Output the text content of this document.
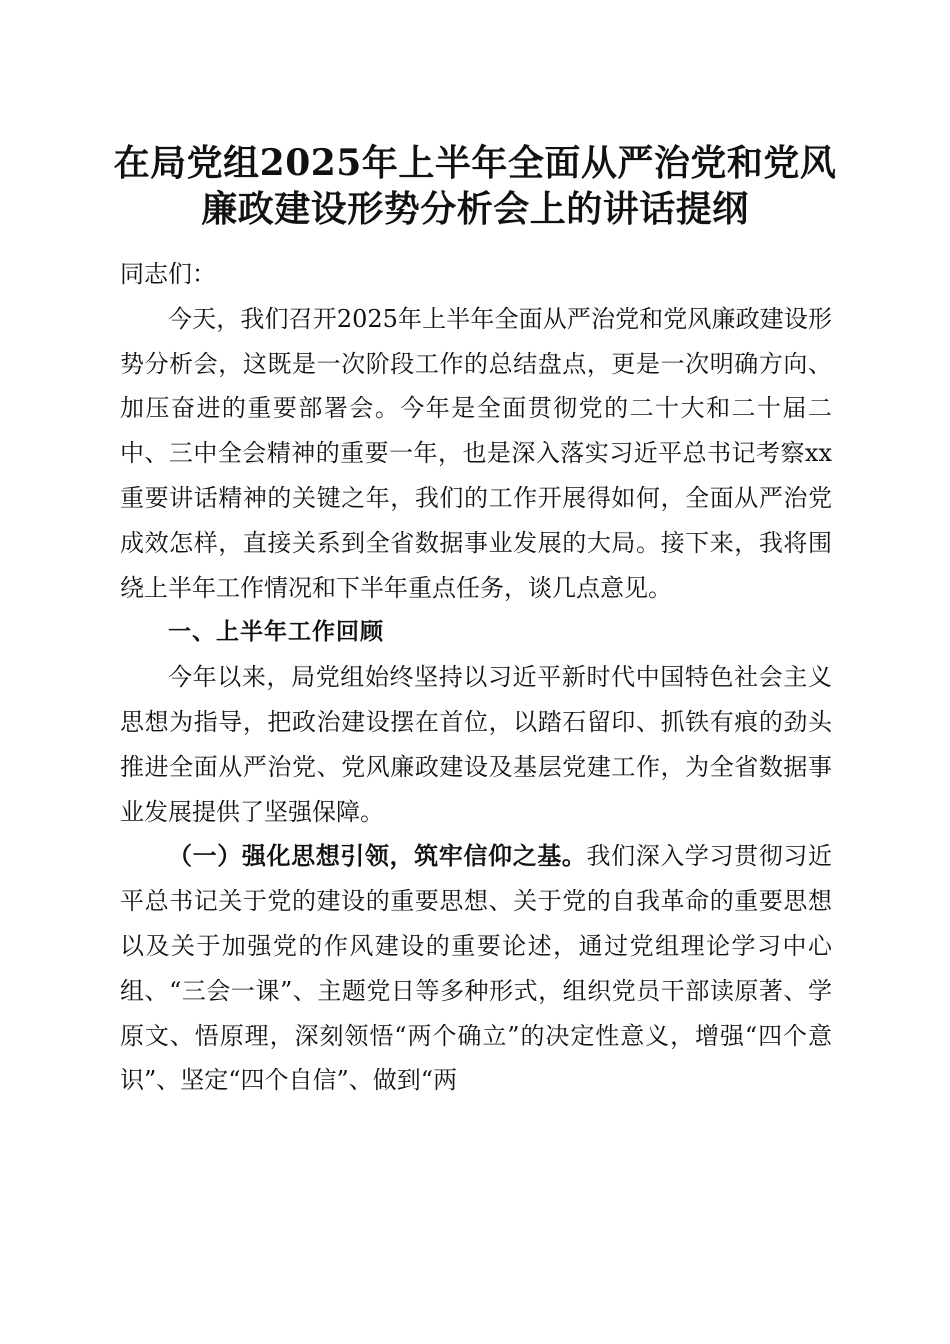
在局党组2025年上半年全面从严治党和党风
廉政建设形势分析会上的讲话提纲

同志们：

今天，我们召开2025年上半年全面从严治党和党风廉政建设形势分析会，这既是一次阶段工作的总结盘点，更是一次明确方向、加压奋进的重要部署会。今年是全面贯彻党的二十大和二十届二中、三中全会精神的重要一年，也是深入落实习近平总书记考察xx重要讲话精神的关键之年，我们的工作开展得如何，全面从严治党成效怎样，直接关系到全省数据事业发展的大局。接下来，我将围绕上半年工作情况和下半年重点任务，谈几点意见。

一、上半年工作回顾

今年以来，局党组始终坚持以习近平新时代中国特色社会主义思想为指导，把政治建设摆在首位，以踏石留印、抓铁有痕的劲头推进全面从严治党、党风廉政建设及基层党建工作，为全省数据事业发展提供了坚强保障。

（一）强化思想引领，筑牢信仰之基。我们深入学习贯彻习近平总书记关于党的建设的重要思想、关于党的自我革命的重要思想以及关于加强党的作风建设的重要论述，通过党组理论学习中心组、“三会一课”、主题党日等多种形式，组织党员干部读原著、学原文、悟原理，深刻领悟“两个确立”的决定性意义，增强“四个意识”、坚定“四个自信”、做到“两
